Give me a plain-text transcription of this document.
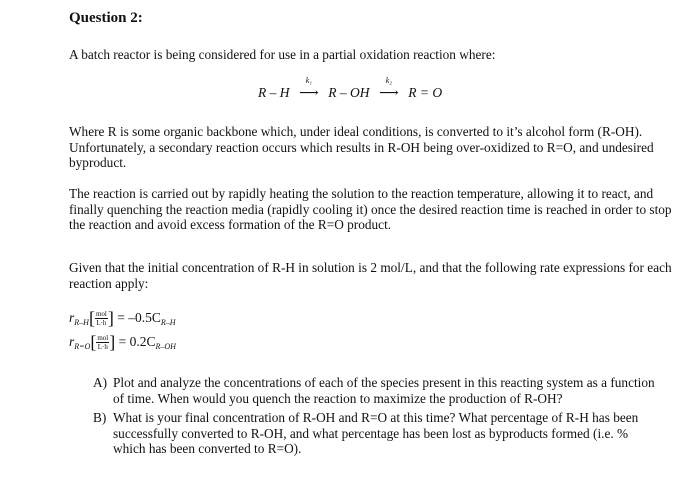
Question 2:
A batch reactor is being considered for use in a partial oxidation reaction where:
R – H
k₁
⟶ R – OH
k₂
⟶ R = O
Where R is some organic backbone which, under ideal conditions, is converted to it’s alcohol form (R-OH). Unfortunately, a secondary reaction occurs which results in R-OH being over-oxidized to R=O, and undesired byproduct.
The reaction is carried out by rapidly heating the solution to the reaction temperature, allowing it to react, and finally quenching the reaction media (rapidly cooling it) once the desired reaction time is reached in order to stop the reaction and avoid excess formation of the R=O product.
Given that the initial concentration of R-H in solution is 2 mol/L, and that the following rate expressions for each reaction apply:
$r_{R-H}[ \frac{\text{mol}}{L\cdot h}$ ] = $-0.5C_{R-H}$
$r_{R=O}[ \frac{\text{mol}}{L\cdot h}$ ] = $0.2C_{R-OH}$
A) Plot and analyze the concentrations of each of the species present in this reacting system as a function of time. When would you quench the reaction to maximize the production of R-OH?
B) What is your final concentration of R-OH and R=O at this time? What percentage of R-H has been successfully converted to R-OH, and what percentage has been lost as byproducts formed (i.e. % which has been converted to R=O).
